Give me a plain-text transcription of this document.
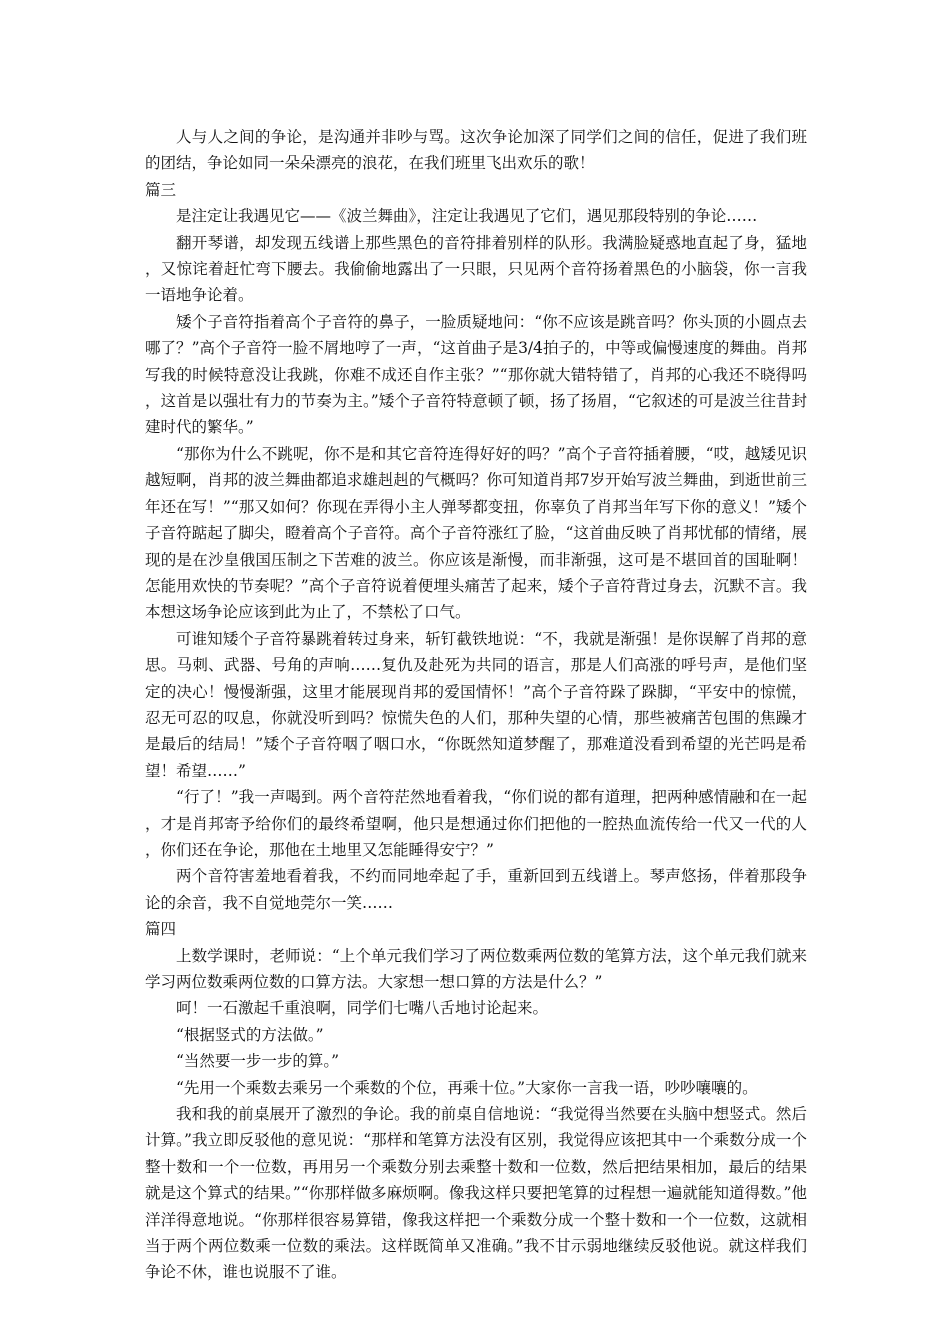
人与人之间的争论，是沟通并非吵与骂。这次争论加深了同学们之间的信任，促进了我们班的团结，争论如同一朵朵漂亮的浪花，在我们班里飞出欢乐的歌！

篇三

是注定让我遇见它——《波兰舞曲》，注定让我遇见了它们，遇见那段特别的争论……

翻开琴谱，却发现五线谱上那些黑色的音符排着别样的队形。我满脸疑惑地直起了身，猛地，又惊诧着赶忙弯下腰去。我偷偷地露出了一只眼，只见两个音符扬着黑色的小脑袋，你一言我一语地争论着。

矮个子音符指着高个子音符的鼻子，一脸质疑地问：“你不应该是跳音吗？你头顶的小圆点去哪了？”高个子音符一脸不屑地哼了一声，“这首曲子是3/4拍子的，中等或偏慢速度的舞曲。肖邦写我的时候特意没让我跳，你难不成还自作主张？”“那你就大错特错了，肖邦的心我还不晓得吗，这首是以强壮有力的节奏为主。”矮个子音符特意顿了顿，扬了扬眉，“它叙述的可是波兰往昔封建时代的繁华。”

“那你为什么不跳呢，你不是和其它音符连得好好的吗？”高个子音符插着腰，“哎，越矮见识越短啊，肖邦的波兰舞曲都追求雄赳赳的气概吗？你可知道肖邦7岁开始写波兰舞曲，到逝世前三年还在写！”“那又如何？你现在弄得小主人弹琴都变扭，你辜负了肖邦当年写下你的意义！”矮个子音符踮起了脚尖，瞪着高个子音符。高个子音符涨红了脸，“这首曲反映了肖邦忧郁的情绪，展现的是在沙皇俄国压制之下苦难的波兰。你应该是渐慢，而非渐强，这可是不堪回首的国耻啊！怎能用欢快的节奏呢？”高个子音符说着便埋头痛苦了起来，矮个子音符背过身去，沉默不言。我本想这场争论应该到此为止了，不禁松了口气。

可谁知矮个子音符暴跳着转过身来，斩钉截铁地说：“不，我就是渐强！是你误解了肖邦的意思。马刺、武器、号角的声响……复仇及赴死为共同的语言，那是人们高涨的呼号声，是他们坚定的决心！慢慢渐强，这里才能展现肖邦的爱国情怀！”高个子音符跺了跺脚，“平安中的惊慌，忍无可忍的叹息，你就没听到吗？惊慌失色的人们，那种失望的心情，那些被痛苦包围的焦躁才是最后的结局！”矮个子音符咽了咽口水，“你既然知道梦醒了，那难道没看到希望的光芒吗是希望！希望……”

“行了！”我一声喝到。两个音符茫然地看着我，“你们说的都有道理，把两种感情融和在一起，才是肖邦寄予给你们的最终希望啊，他只是想通过你们把他的一腔热血流传给一代又一代的人，你们还在争论，那他在土地里又怎能睡得安宁？”

两个音符害羞地看着我，不约而同地牵起了手，重新回到五线谱上。琴声悠扬，伴着那段争论的余音，我不自觉地莞尔一笑……

篇四

上数学课时，老师说：“上个单元我们学习了两位数乘两位数的笔算方法，这个单元我们就来学习两位数乘两位数的口算方法。大家想一想口算的方法是什么？”

呵！一石激起千重浪啊，同学们七嘴八舌地讨论起来。

“根据竖式的方法做。”

“当然要一步一步的算。”

“先用一个乘数去乘另一个乘数的个位，再乘十位。”大家你一言我一语，吵吵嚷嚷的。

我和我的前桌展开了激烈的争论。我的前桌自信地说：“我觉得当然要在头脑中想竖式。然后计算。”我立即反驳他的意见说：“那样和笔算方法没有区别，我觉得应该把其中一个乘数分成一个整十数和一个一位数，再用另一个乘数分别去乘整十数和一位数，然后把结果相加，最后的结果就是这个算式的结果。”“你那样做多麻烦啊。像我这样只要把笔算的过程想一遍就能知道得数。”他洋洋得意地说。“你那样很容易算错，像我这样把一个乘数分成一个整十数和一个一位数，这就相当于两个两位数乘一位数的乘法。这样既简单又准确。”我不甘示弱地继续反驳他说。就这样我们争论不休，谁也说服不了谁。
